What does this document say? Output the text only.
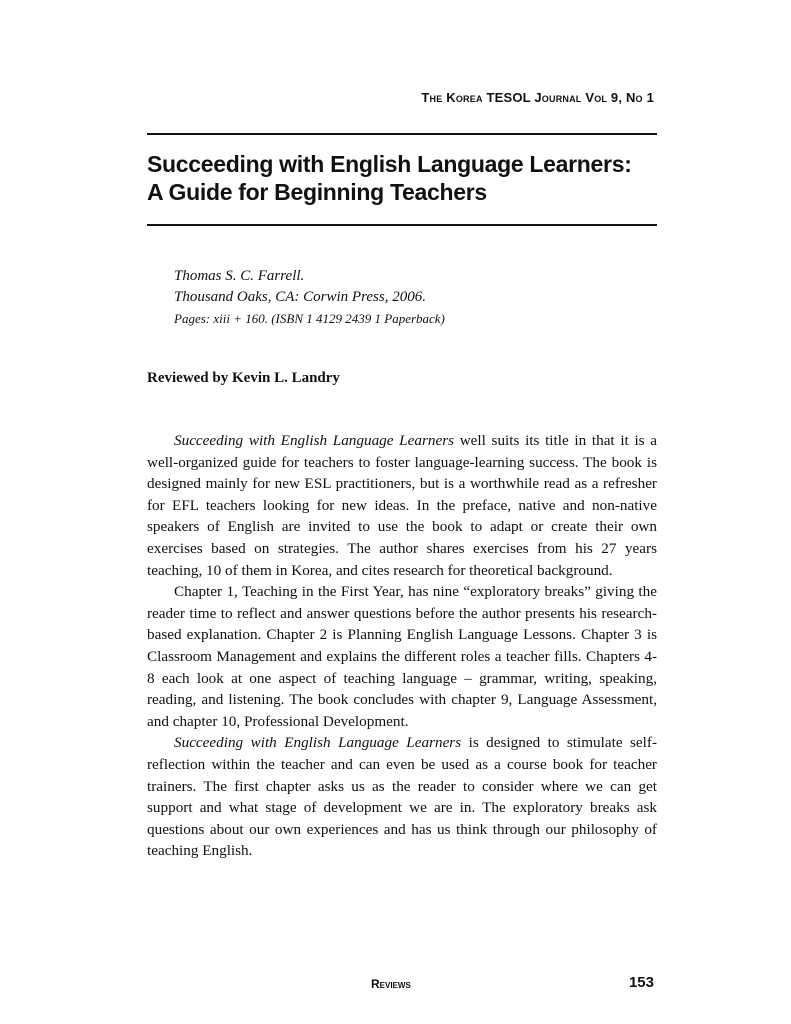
The Korea TESOL Journal Vol 9, No 1
Succeeding with English Language Learners:
A Guide for Beginning Teachers
Thomas S. C. Farrell.
Thousand Oaks, CA: Corwin Press, 2006.
Pages: xiii + 160. (ISBN 1 4129 2439 1 Paperback)
Reviewed by Kevin L. Landry

Succeeding with English Language Learners well suits its title in that it is a well-organized guide for teachers to foster language-learning success. The book is designed mainly for new ESL practitioners, but is a worthwhile read as a refresher for EFL teachers looking for new ideas. In the preface, native and non-native speakers of English are invited to use the book to adapt or create their own exercises based on strategies. The author shares exercises from his 27 years teaching, 10 of them in Korea, and cites research for theoretical background.

Chapter 1, Teaching in the First Year, has nine “exploratory breaks” giving the reader time to reflect and answer questions before the author presents his research-based explanation. Chapter 2 is Planning English Language Lessons. Chapter 3 is Classroom Management and explains the different roles a teacher fills. Chapters 4-8 each look at one aspect of teaching language – grammar, writing, speaking, reading, and listening. The book concludes with chapter 9, Language Assessment, and chapter 10, Professional Development.

Succeeding with English Language Learners is designed to stimulate self-reflection within the teacher and can even be used as a course book for teacher trainers. The first chapter asks us as the reader to consider where we can get support and what stage of development we are in. The exploratory breaks ask questions about our own experiences and has us think through our philosophy of teaching English.

Reviews	153
